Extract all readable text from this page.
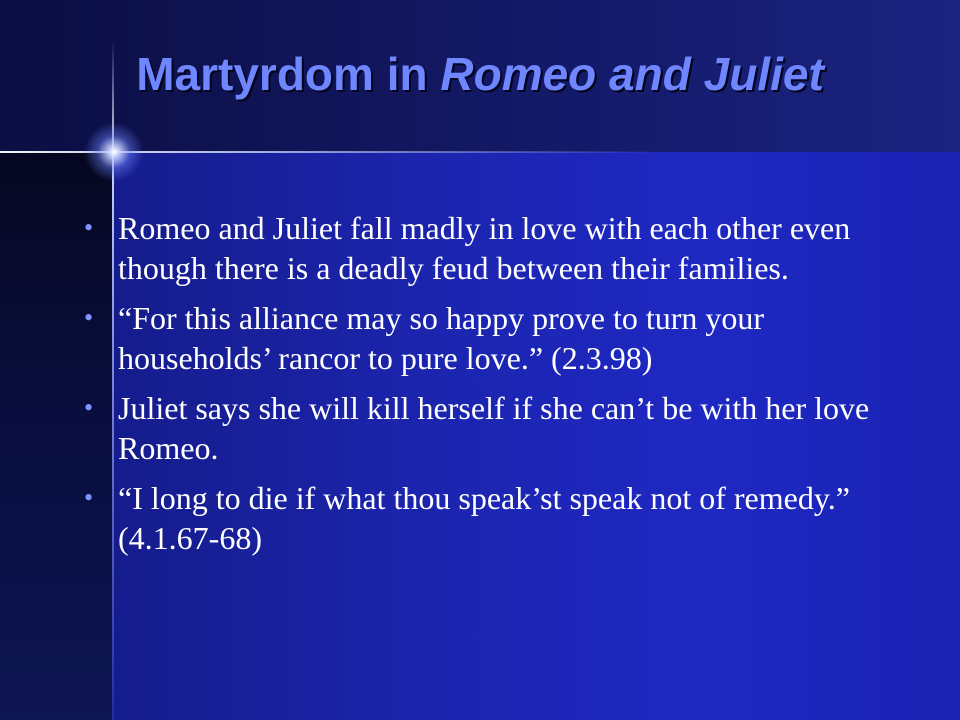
Martyrdom in Romeo and Juliet
• Romeo and Juliet fall madly in love with each other even though there is a deadly feud between their families.
• “For this alliance may so happy prove to turn your households’ rancor to pure love.” (2.3.98)
• Juliet says she will kill herself if she can’t be with her love Romeo.
• “I long to die if what thou speak’st speak not of remedy.” (4.1.67-68)
